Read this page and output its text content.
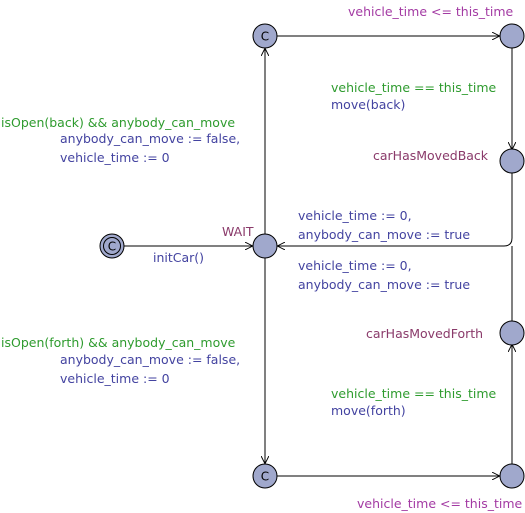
C
C
C
WAIT
carHasMovedBack
carHasMovedForth
vehicle_time <= this_time
vehicle_time <= this_time
vehicle_time == this_time
move(back)
vehicle_time == this_time
move(forth)
isOpen(back) && anybody_can_move
anybody_can_move := false,
vehicle_time := 0
isOpen(forth) && anybody_can_move
anybody_can_move := false,
vehicle_time := 0
initCar()
vehicle_time := 0,
anybody_can_move := true
vehicle_time := 0,
anybody_can_move := true
